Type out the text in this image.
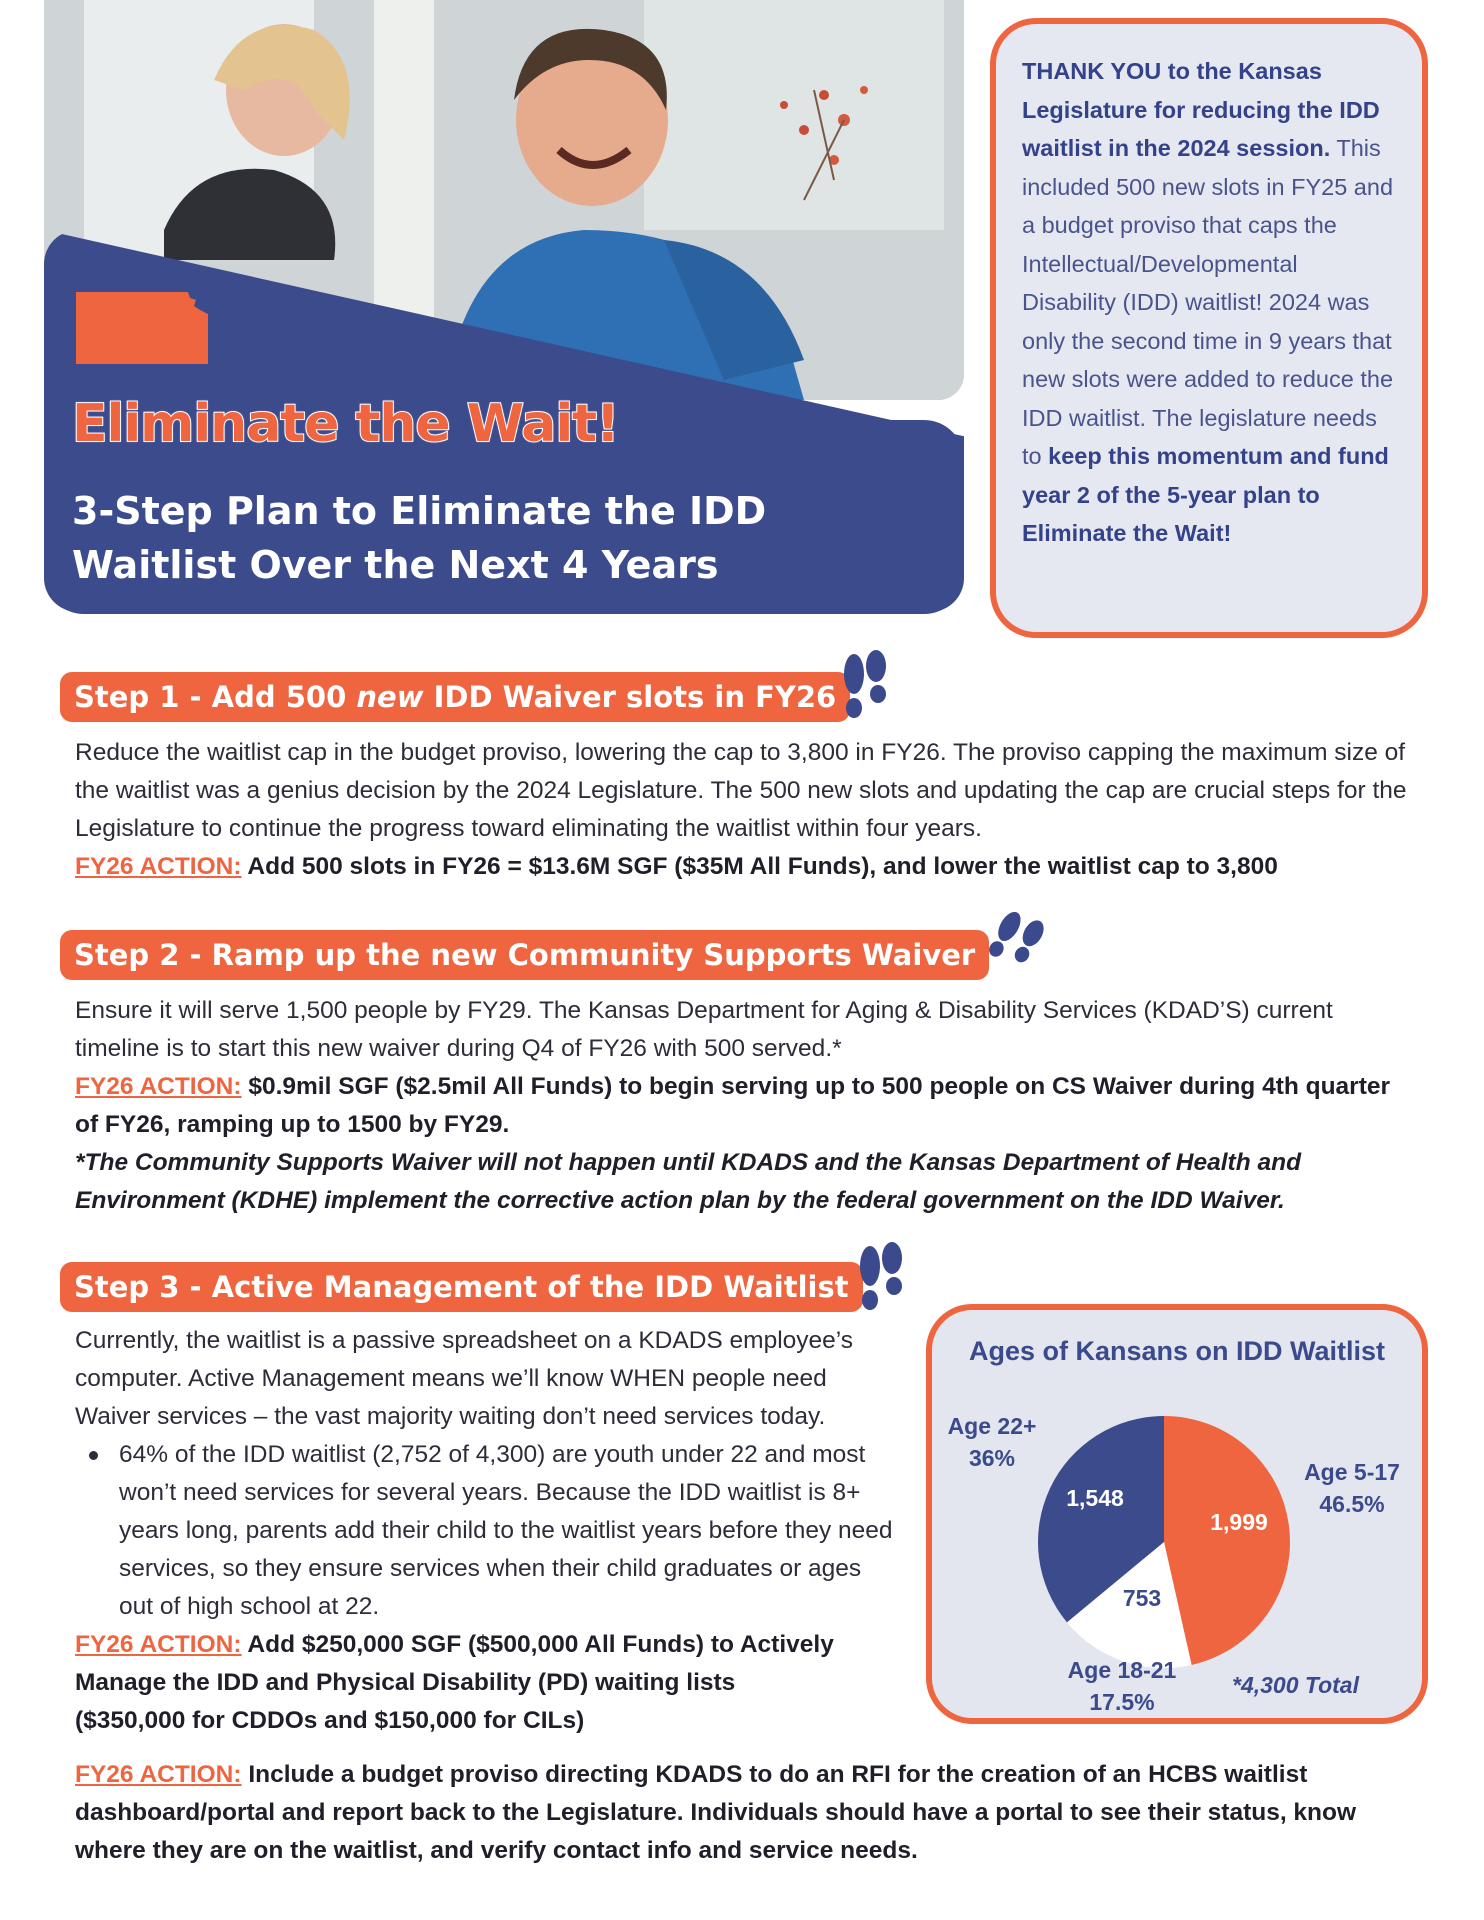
Eliminate the Wait!
3-Step Plan to Eliminate the IDD Waitlist Over the Next 4 Years
THANK YOU to the Kansas Legislature for reducing the IDD waitlist in the 2024 session. This included 500 new slots in FY25 and a budget proviso that caps the Intellectual/Developmental Disability (IDD) waitlist! 2024 was only the second time in 9 years that new slots were added to reduce the IDD waitlist. The legislature needs to keep this momentum and fund year 2 of the 5-year plan to Eliminate the Wait!
Step 1 - Add 500 new IDD Waiver slots in FY26

Reduce the waitlist cap in the budget proviso, lowering the cap to 3,800 in FY26. The proviso capping the maximum size of the waitlist was a genius decision by the 2024 Legislature. The 500 new slots and updating the cap are crucial steps for the Legislature to continue the progress toward eliminating the waitlist within four years.

FY26 ACTION: Add 500 slots in FY26 = $13.6M SGF ($35M All Funds), and lower the waitlist cap to 3,800

Step 2 - Ramp up the new Community Supports Waiver

Ensure it will serve 1,500 people by FY29. The Kansas Department for Aging & Disability Services (KDAD’S) current timeline is to start this new waiver during Q4 of FY26 with 500 served.*

FY26 ACTION: $0.9mil SGF ($2.5mil All Funds) to begin serving up to 500 people on CS Waiver during 4th quarter of FY26, ramping up to 1500 by FY29.

*The Community Supports Waiver will not happen until KDADS and the Kansas Department of Health and Environment (KDHE) implement the corrective action plan by the federal government on the IDD Waiver.

Step 3 - Active Management of the IDD Waitlist

Currently, the waitlist is a passive spreadsheet on a KDADS employee’s computer. Active Management means we’ll know WHEN people need Waiver services – the vast majority waiting don’t need services today.

64% of the IDD waitlist (2,752 of 4,300) are youth under 22 and most won’t need services for several years. Because the IDD waitlist is 8+ years long, parents add their child to the waitlist years before they need services, so they ensure services when their child graduates or ages out of high school at 22.

FY26 ACTION: Add $250,000 SGF ($500,000 All Funds) to Actively Manage the IDD and Physical Disability (PD) waiting lists ($350,000 for CDDOs and $150,000 for CILs)

FY26 ACTION: Include a budget proviso directing KDADS to do an RFI for the creation of an HCBS waitlist dashboard/portal and report back to the Legislature. Individuals should have a portal to see their status, know where they are on the waitlist, and verify contact info and service needs.

Ages of Kansans on IDD Waitlist

Age 22+
36%
Age 5-17
46.5%
Age 18-21
17.5%
1,548
1,999
753
*4,300 Total
